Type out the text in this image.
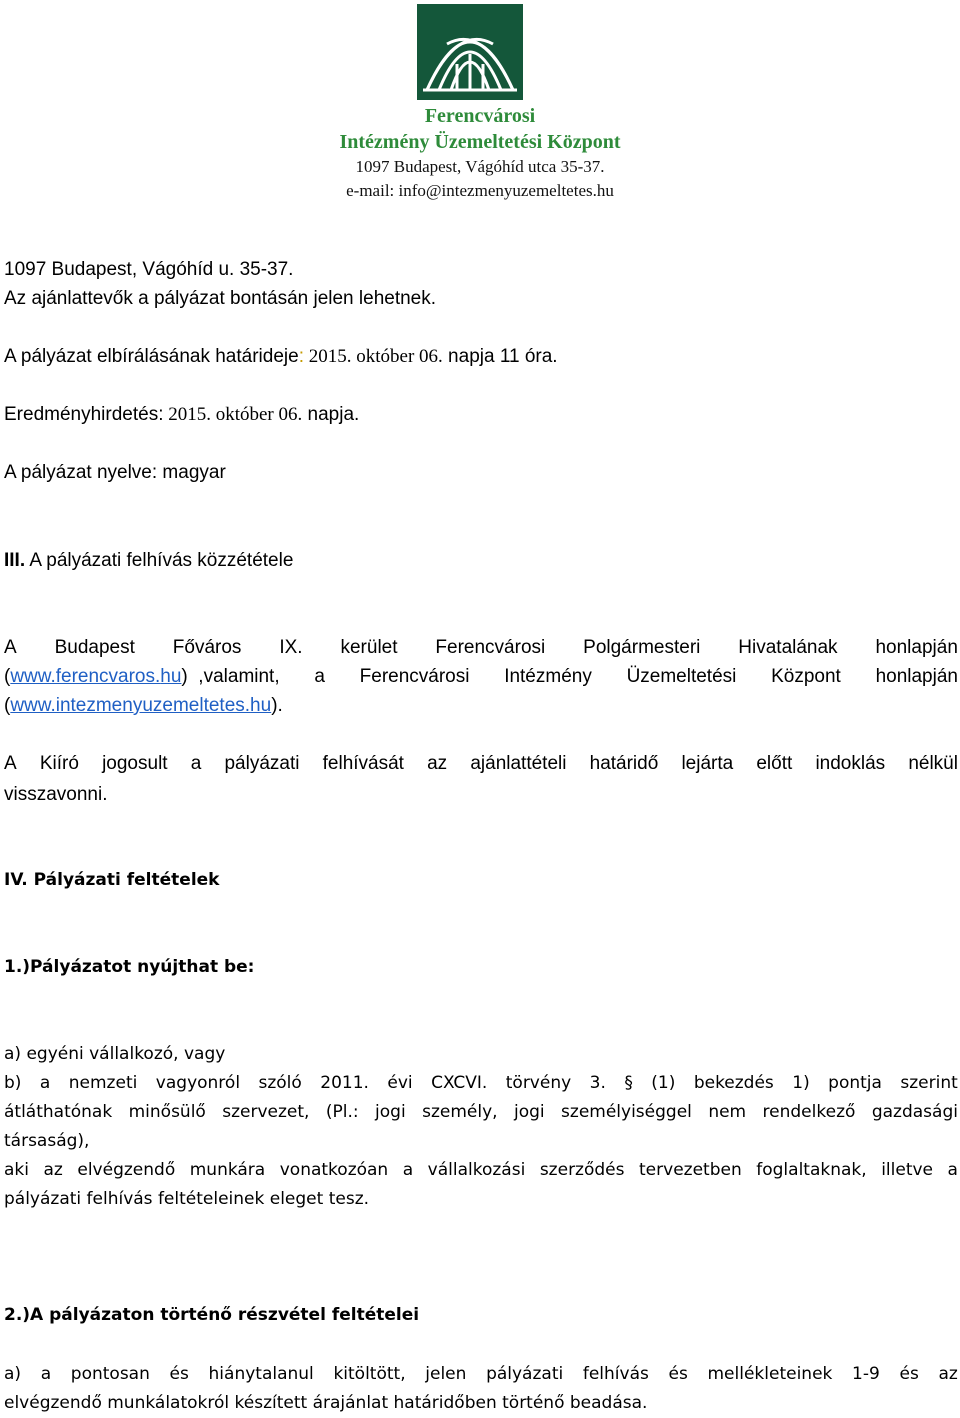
Ferencvárosi
Intézmény Üzemeltetési Központ
1097 Budapest, Vágóhíd utca 35-37.
e-mail: info@intezmenyuzemeltetes.hu
1097 Budapest, Vágóhíd u. 35-37.
Az ajánlattevők a pályázat bontásán jelen lehetnek.
A pályázat elbírálásának határideje: 2015. október 06. napja 11 óra.
Eredményhirdetés: 2015. október 06. napja.
A pályázat nyelve: magyar
III. A pályázati felhívás közzététele
A Budapest Főváros IX. kerület Ferencvárosi Polgármesteri Hivatalának honlapján
(www.ferencvaros.hu)  ,valamint, a Ferencvárosi Intézmény Üzemeltetési Központ honlapján
(www.intezmenyuzemeltetes.hu).
A Kiíró jogosult a pályázati felhívását az ajánlattételi határidő lejárta előtt indoklás nélkül
visszavonni.
IV. Pályázati feltételek
1.)Pályázatot nyújthat be:
a) egyéni vállalkozó, vagy
b) a nemzeti vagyonról szóló 2011. évi CXCVI. törvény 3. § (1) bekezdés 1) pontja szerint
átláthatónak minősülő szervezet, (Pl.: jogi személy, jogi személyiséggel nem rendelkező gazdasági
társaság),
aki az elvégzendő munkára vonatkozóan a vállalkozási szerződés tervezetben foglaltaknak, illetve a
pályázati felhívás feltételeinek eleget tesz.
2.)A pályázaton történő részvétel feltételei
a) a pontosan és hiánytalanul kitöltött, jelen pályázati felhívás és mellékleteinek 1-9 és az
elvégzendő munkálatokról készített árajánlat határidőben történő beadása.
